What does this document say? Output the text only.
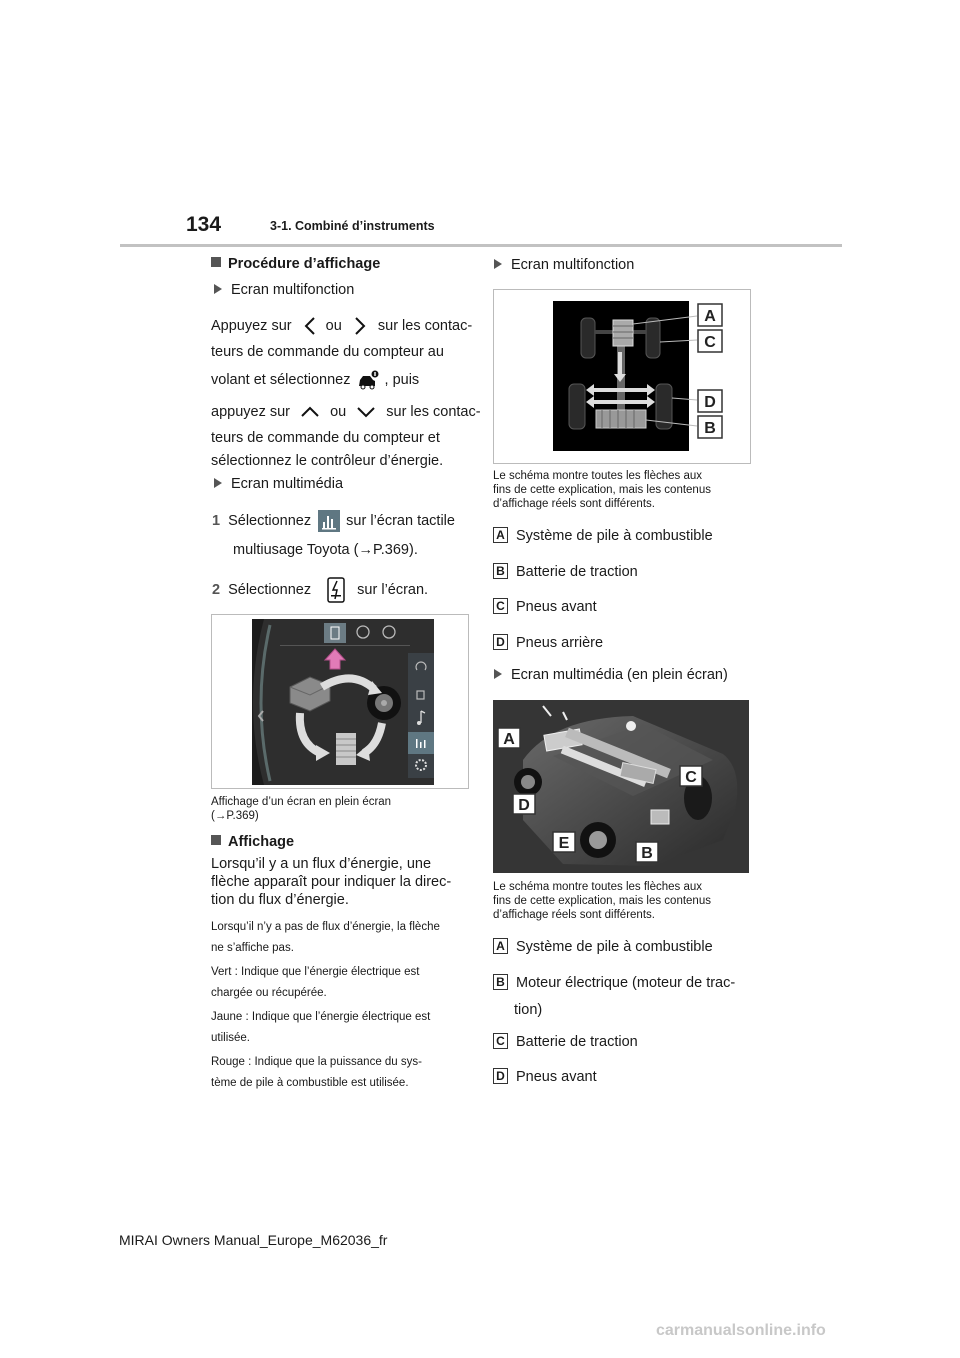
134	3-1. Combiné d’instruments
Procédure d’affichage
Ecran multifonction
Appuyez sur ou sur les contac-
teurs de commande du compteur au
volant et sélectionnez , puis
appuyez sur	ou	sur les contac-
teurs de commande du compteur et
sélectionnez le contrôleur d’énergie.
Ecran multimédia
1 Sélectionnez sur l’écran tactile
multiusage Toyota (→P.369).
2 Sélectionnez	sur l’écran.
Affichage d’un écran en plein écran
(→P.369)
Affichage
Lorsqu’il y a un flux d’énergie, une
flèche apparaît pour indiquer la direc-
tion du flux d’énergie.
Lorsqu’il n’y a pas de flux d’énergie, la flèche
ne s’affiche pas.
Vert : Indique que l’énergie électrique est
chargée ou récupérée.
Jaune : Indique que l’énergie électrique est
utilisée.
Rouge : Indique que la puissance du sys-
tème de pile à combustible est utilisée.
Ecran multifonction
A
C
D
B
Le schéma montre toutes les flèches aux
fins de cette explication, mais les contenus
d’affichage réels sont différents.
A Système de pile à combustible
B Batterie de traction
C Pneus avant
D Pneus arrière
Ecran multimédia (en plein écran)
A
C
D
E
B
Le schéma montre toutes les flèches aux
fins de cette explication, mais les contenus
d’affichage réels sont différents.
A Système de pile à combustible
B Moteur électrique (moteur de trac-
tion)
C Batterie de traction
D Pneus avant
MIRAI Owners Manual_Europe_M62036_fr
carmanualsonline.info
